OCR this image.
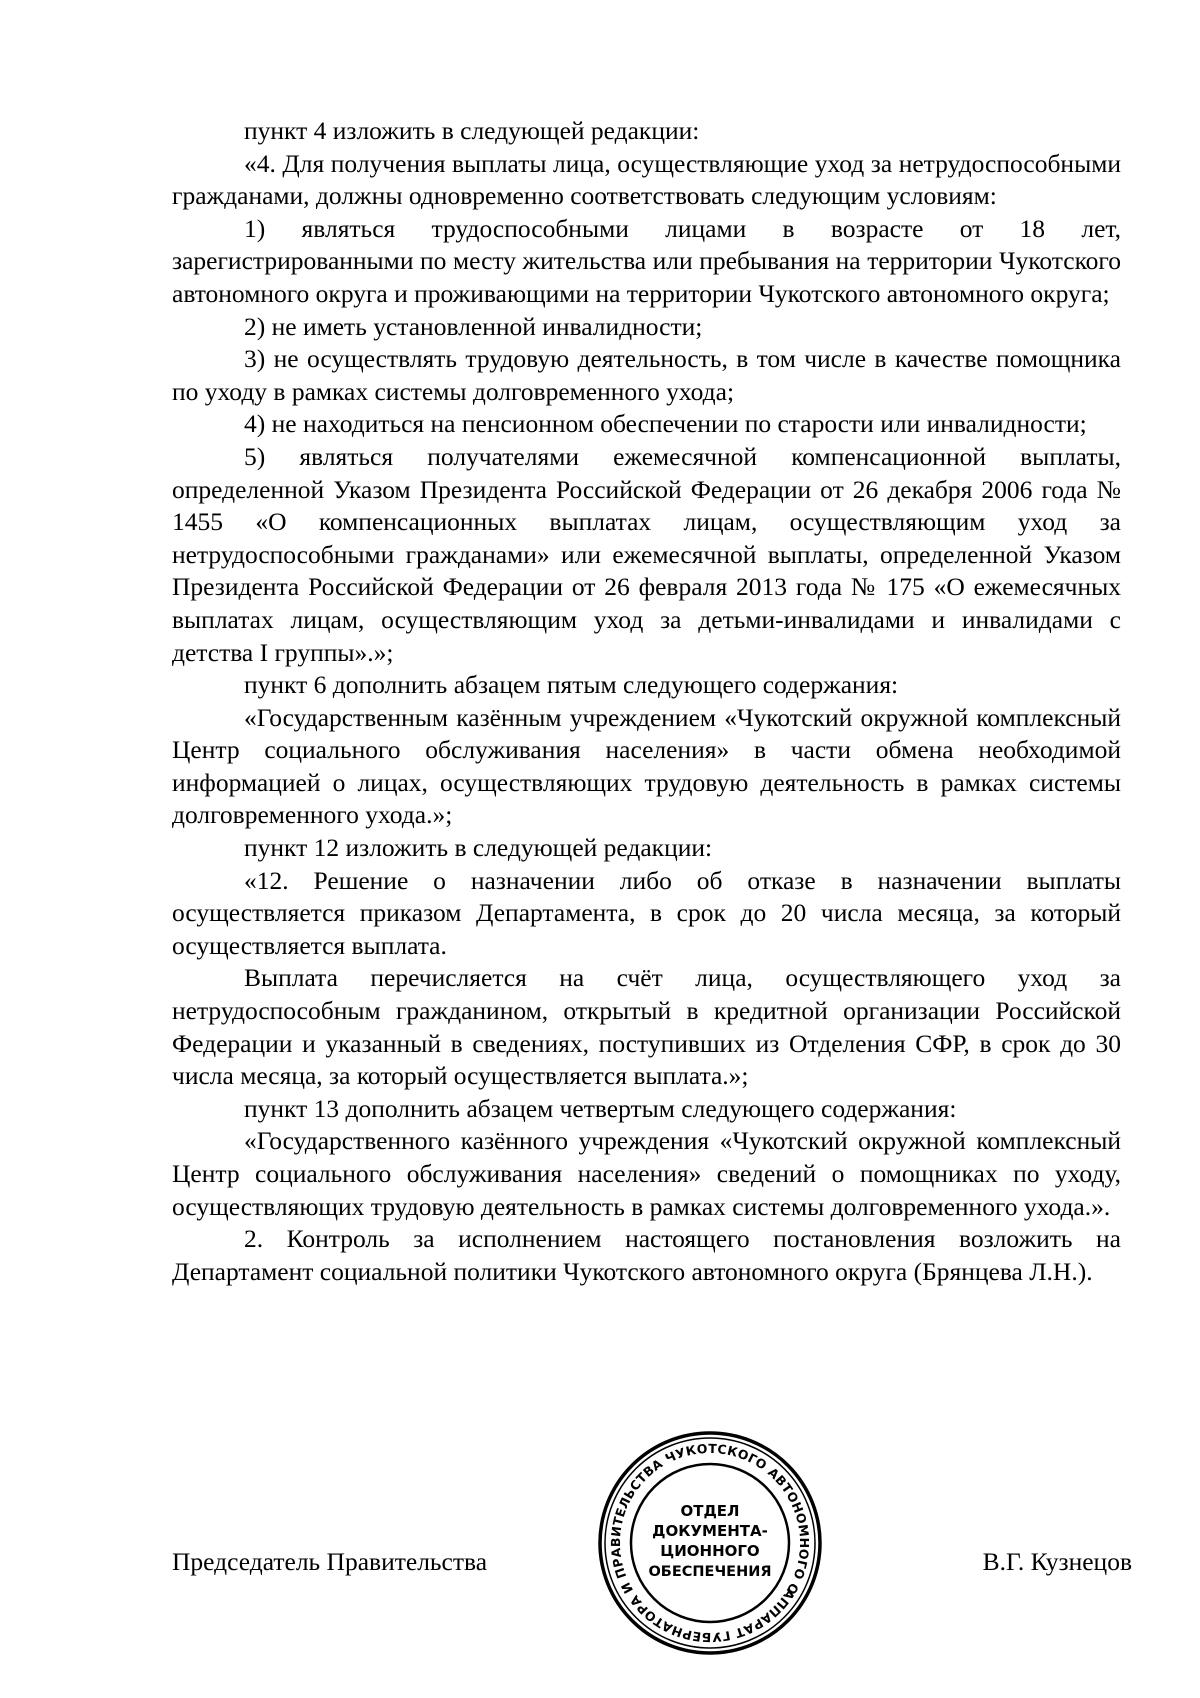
пункт 4 изложить в следующей редакции:

«4. Для получения выплаты лица, осуществляющие уход за нетрудоспособными гражданами, должны одновременно соответствовать следующим условиям:

1) являться трудоспособными лицами в возрасте от 18 лет, зарегистрированными по месту жительства или пребывания на территории Чукотского автономного округа и проживающими на территории Чукотского автономного округа;

2) не иметь установленной инвалидности;

3) не осуществлять трудовую деятельность, в том числе в качестве помощника по уходу в рамках системы долговременного ухода;

4) не находиться на пенсионном обеспечении по старости или инвалидности;

5) являться получателями ежемесячной компенсационной выплаты, определенной Указом Президента Российской Федерации от 26 декабря 2006 года № 1455 «О компенсационных выплатах лицам, осуществляющим уход за нетрудоспособными гражданами» или ежемесячной выплаты, определенной Указом Президента Российской Федерации от 26 февраля 2013 года № 175 «О ежемесячных выплатах лицам, осуществляющим уход за детьми-инвалидами и инвалидами с детства I группы».»;

пункт 6 дополнить абзацем пятым следующего содержания:

«Государственным казённым учреждением «Чукотский окружной комплексный Центр социального обслуживания населения» в части обмена необходимой информацией о лицах, осуществляющих трудовую деятельность в рамках системы долговременного ухода.»;

пункт 12 изложить в следующей редакции:

«12. Решение о назначении либо об отказе в назначении выплаты осуществляется приказом Департамента, в срок до 20 числа месяца, за который осуществляется выплата.

Выплата перечисляется на счёт лица, осуществляющего уход за нетрудоспособным гражданином, открытый в кредитной организации Российской Федерации и указанный в сведениях, поступивших из Отделения СФР, в срок до 30 числа месяца, за который осуществляется выплата.»;

пункт 13 дополнить абзацем четвертым следующего содержания:

«Государственного казённого учреждения «Чукотский окружной комплексный Центр социального обслуживания населения» сведений о помощниках по уходу, осуществляющих трудовую деятельность в рамках системы долговременного ухода.».

2. Контроль за исполнением настоящего постановления возложить на Департамент социальной политики Чукотского автономного округа (Брянцева Л.Н.).

Председатель Правительства	В.Г. Кузнецов
АППАРАТ ГУБЕРНАТОРА И ПРАВИТЕЛЬСТВА ЧУКОТСКОГО АВТОНОМНОГО ОКРУГА
ОТДЕЛ
ДОКУМЕНТА-
ЦИОННОГО
ОБЕСПЕЧЕНИЯ
